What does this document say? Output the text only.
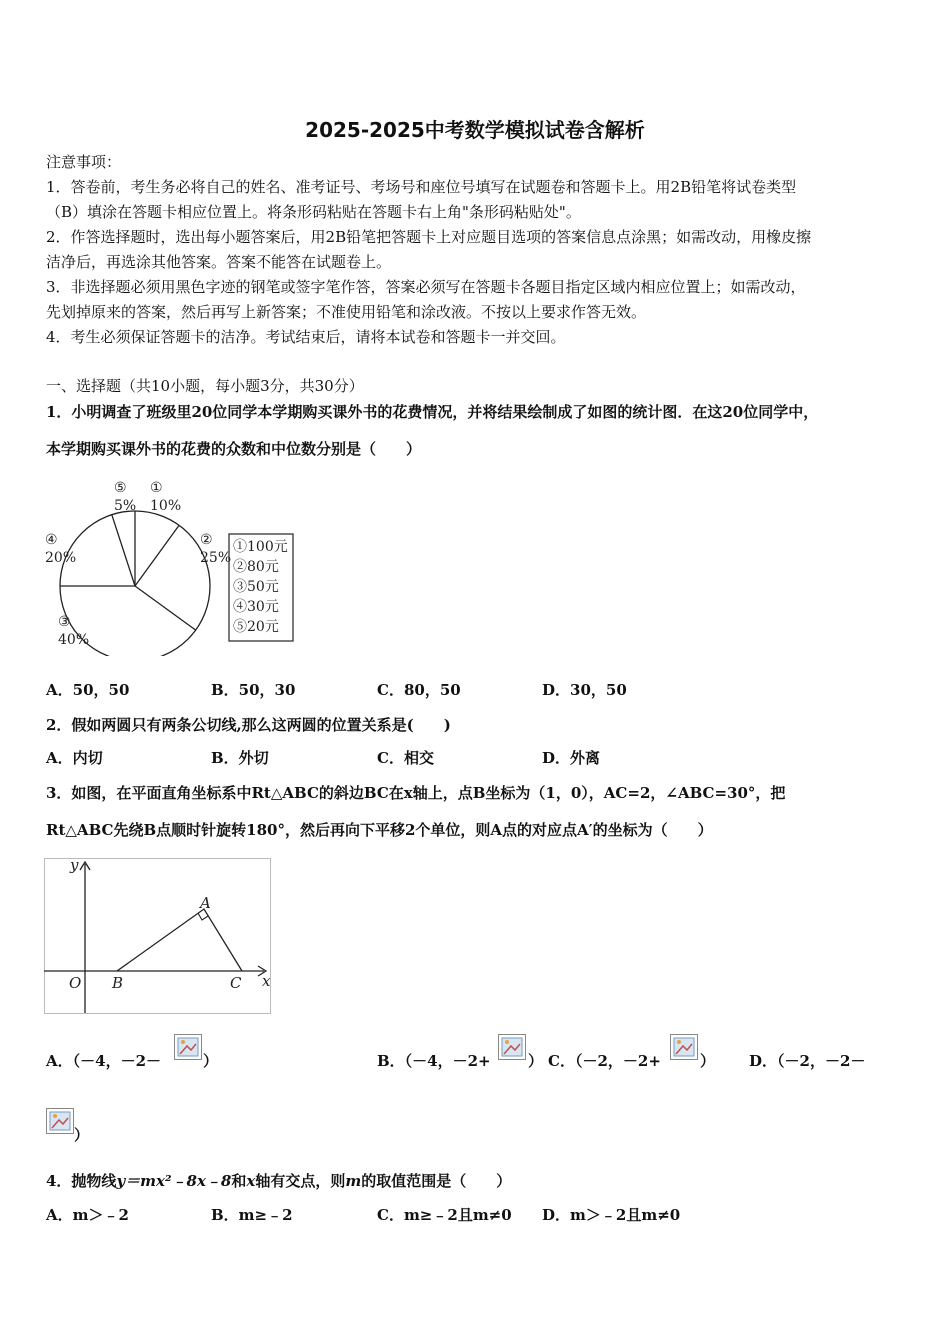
2025-2025中考数学模拟试卷含解析
注意事项：
1．答卷前，考生务必将自己的姓名、准考证号、考场号和座位号填写在试题卷和答题卡上。用2B铅笔将试卷类型
（B）填涂在答题卡相应位置上。将条形码粘贴在答题卡右上角"条形码粘贴处"。
2．作答选择题时，选出每小题答案后，用2B铅笔把答题卡上对应题目选项的答案信息点涂黑；如需改动，用橡皮擦
洁净后，再选涂其他答案。答案不能答在试题卷上。
3．非选择题必须用黑色字迹的钢笔或签字笔作答，答案必须写在答题卡各题目指定区域内相应位置上；如需改动，
先划掉原来的答案，然后再写上新答案；不准使用铅笔和涂改液。不按以上要求作答无效。
4．考生必须保证答题卡的洁净。考试结束后，请将本试卷和答题卡一并交回。
一、选择题（共10小题，每小题3分，共30分）
1．小明调查了班级里20位同学本学期购买课外书的花费情况，并将结果绘制成了如图的统计图．在这20位同学中，
本学期购买课外书的花费的众数和中位数分别是（　　）
①
10%
②
25%
③
40%
④
20%
⑤
5%
①100元
②80元
③50元
④30元
⑤20元
A．50，50	B．50，30	C．80，50	D．30，50
2．假如两圆只有两条公切线,那么这两圆的位置关系是(　　)
A．内切	B．外切	C．相交	D．外离
3．如图，在平面直角坐标系中Rt△ABC的斜边BC在x轴上，点B坐标为（1，0），AC=2，∠ABC=30°，把
Rt△ABC先绕B点顺时针旋转180°，然后再向下平移2个单位，则A点的对应点A′的坐标为（　　）
y
x
O B	C
A
A．（－4，－2－	）	B．（－4，－2+ ） C．（－2，－2+	） D．（－2，－2－
）
4．抛物线y＝mx²﹣8x﹣8和x轴有交点，则m的取值范围是（　　）
A．m＞﹣2	B．m≥﹣2	C．m≥﹣2且m≠0 D．m＞﹣2且m≠0
